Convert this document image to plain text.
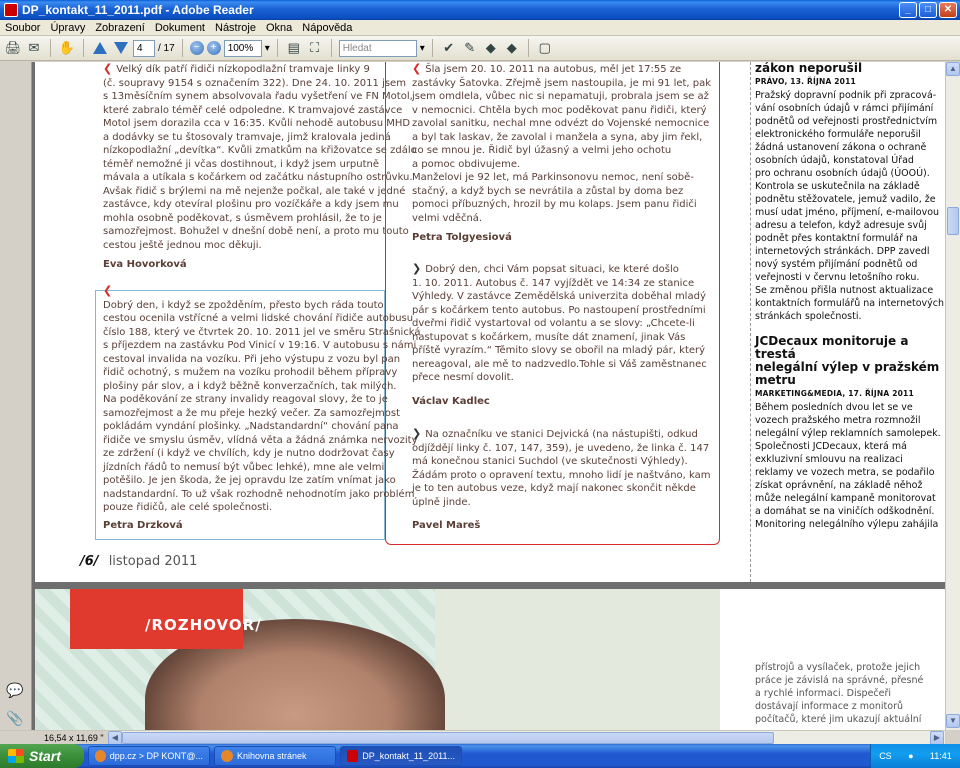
DP_kontakt_11_2011.pdf - Adobe Reader	_	□	✕
Soubor Úpravy Zobrazení Dokument Nástroje Okna Nápověda
🖨 ✉ ✋	4	/ 17	−	+	100%	▾ ▤ ⛶	Hledat	▾ ✔ ✎ ◆ ◆	▢
💬
📎
❮ Velký dík patří řidiči nízkopodlažní tramvaje linky 9
(č. soupravy 9154 s označením 322). Dne 24. 10. 2011 jsem
s 13měsíčním synem absolvovala řadu vyšetření ve FN Motol,
které zabralo téměř celé odpoledne. K tramvajové zastávce
Motol jsem dorazila cca v 16:35. Kvůli nehodě autobusu MHD
a dodávky se tu štosovaly tramvaje, jimž kralovala jediná
nízkopodlažní „devítka“. Kvůli zmatkům na křižovatce se zdálo
téměř nemožné ji včas dostihnout, i když jsem urputně
mávala a utíkala s kočárkem od začátku nástupního ostrůvku.
Avšak řidič s brýlemi na mě nejenže počkal, ale také v jedné
zastávce, kdy otevíral plošinu pro vozíčkáře a kdy jsem mu
mohla osobně poděkovat, s úsměvem prohlásil, že to je
samozřejmost. Bohužel v dnešní době není, a proto mu touto
cestou ještě jednou moc děkuji.
Eva Hovorková
❮
Dobrý den, i když se zpožděním, přesto bych ráda touto
cestou ocenila vstřícné a velmi lidské chování řidiče autobusu
číslo 188, který ve čtvrtek 20. 10. 2011 jel ve směru Strašnická
s příjezdem na zastávku Pod Vinicí v 19:16. V autobusu s námi
cestoval invalida na vozíku. Při jeho výstupu z vozu byl pan
řidič ochotný, s mužem na vozíku prohodil během přípravy
plošiny pár slov, a i když běžně konverzačních, tak milých.
Na poděkování ze strany invalidy reagoval slovy, že to je
samozřejmost a že mu přeje hezký večer. Za samozřejmost
pokládám vyndání plošinky. „Nadstandardní“ chování pana
řidiče ve smyslu úsměv, vlídná věta a žádná známka nervozity
ze zdržení (i když ve chvílích, kdy je nutno dodržovat časy
jízdních řádů to nemusí být vůbec lehké), mne ale velmi
potěšilo. Je jen škoda, že jej opravdu lze zatím vnímat jako
nadstandardní. To už však rozhodně nehodnotím jako problém
pouze řidičů, ale celé společnosti.
Petra Drzková
❮ Šla jsem 20. 10. 2011 na autobus, měl jet 17:55 ze
zastávky Šatovka. Zřejmě jsem nastoupila, je mi 91 let, pak
jsem omdlela, vůbec nic si nepamatuji, probrala jsem se až
v nemocnici. Chtěla bych moc poděkovat panu řidiči, který
zavolal sanitku, nechal mne odvézt do Vojenské nemocnice
a byl tak laskav, že zavolal i manžela a syna, aby jim řekl,
co se mnou je. Řidič byl úžasný a velmi jeho ochotu
a pomoc obdivujeme.
Manželovi je 92 let, má Parkinsonovu nemoc, není sobě-
stačný, a když bych se nevrátila a zůstal by doma bez
pomoci příbuzných, hrozil by mu kolaps. Jsem panu řidiči
velmi vděčná.
Petra Tolgyesiová
❯ Dobrý den, chci Vám popsat situaci, ke které došlo
1. 10. 2011. Autobus č. 147 vyjíždět ve 14:34 ze stanice
Výhledy. V zastávce Zemědělská univerzita doběhal mladý
pár s kočárkem tento autobus. Po nastoupení prostředními
dveřmi řidič vystartoval od volantu a se slovy: „Chcete-li
nastupovat s kočárkem, musíte dát znamení, jinak Vás
příště vyrazím.“ Těmito slovy se obořil na mladý pár, který
nereagoval, ale mě to nadzvedlo.Tohle si Váš zaměstnanec
přece nesmí dovolit.
Václav Kadlec
❯ Na označníku ve stanici Dejvická (na nástupišti, odkud
odjíždějí linky č. 107, 147, 359), je uvedeno, že linka č. 147
má konečnou stanici Suchdol (ve skutečnosti Výhledy).
Žádám proto o opravení textu, mnoho lidí je naštváno, kam
je to ten autobus veze, když mají nakonec skončit někde
úplně jinde.
Pavel Mareš
zákon neporušil
PRÁVO, 13. ŘÍJNA 2011
Pražský dopravní podnik při zpracová-
vání osobních údajů v rámci přijímání
podnětů od veřejnosti prostřednictvím
elektronického formuláře neporušil
žádná ustanovení zákona o ochraně
osobních údajů, konstatoval Úřad
pro ochranu osobních údajů (ÚOOÚ).
Kontrola se uskutečnila na základě
podnětu stěžovatele, jemuž vadilo, že
musí udat jméno, příjmení, e-mailovou
adresu a telefon, když adresuje svůj
podnět přes kontaktní formulář na
internetových stránkách. DPP zavedl
nový systém přijímání podnětů od
veřejnosti v červnu letošního roku.
Se změnou přišla nutnost aktualizace
kontaktních formulářů na internetových
stránkách společnosti.
JCDecaux monitoruje a trestá
nelegální výlep v pražském
metru
MARKETING&MEDIA, 17. ŘÍJNA 2011
Během posledních dvou let se ve
vozech pražského metra rozmnožil
nelegální výlep reklamních samolepek.
Společnosti JCDecaux, která má
exkluzivní smlouvu na realizaci
reklamy ve vozech metra, se podařilo
získat oprávnění, na základě něhož
může nelegální kampaně monitorovat
a domáhat se na viničích odškodnění.
Monitoring nelegálního výlepu zahájila
/6/ listopad 2011
/ROZHOVOR/
přístrojů a vysílaček, protože jejich
práce je závislá na správné, přesné
a rychlé informaci. Dispečeři
dostávají informace z monitorů
počítačů, které jim ukazují aktuální
▲
▼
16,54 x 11,69 "	◀	▶
Start	dpp.cz > DP KONT@...	Knihovna stránek	DP_kontakt_11_2011...	CS ● 11:41
